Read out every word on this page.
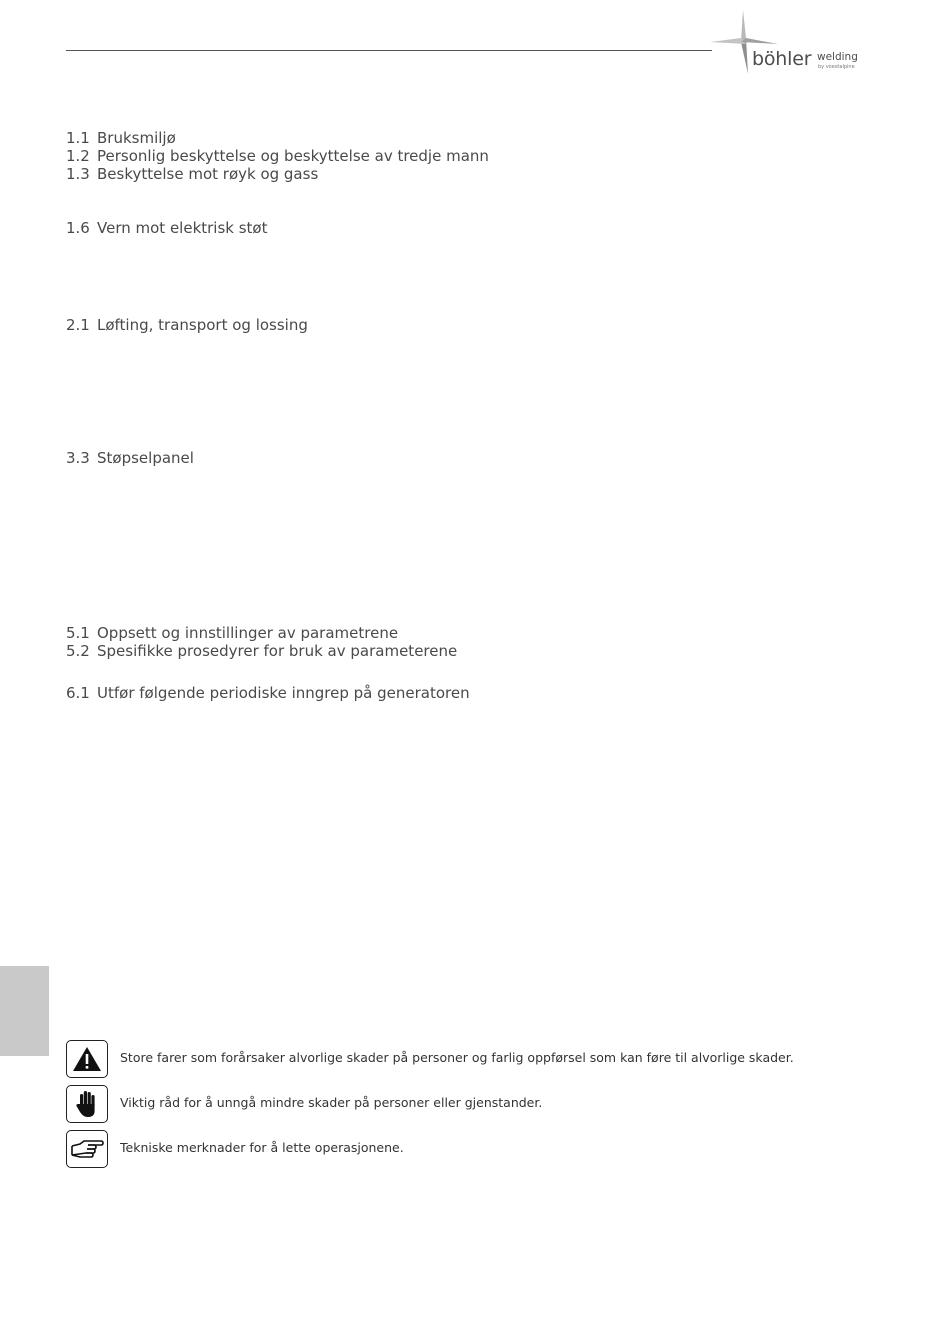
böhler welding
by voestalpine
1.1 Bruksmiljø
1.2 Personlig beskyttelse og beskyttelse av tredje mann
1.3 Beskyttelse mot røyk og gass
1.6 Vern mot elektrisk støt
2.1 Løfting, transport og lossing
3.3 Støpselpanel
5.1 Oppsett og innstillinger av parametrene
5.2 Spesifikke prosedyrer for bruk av parameterene
6.1 Utfør følgende periodiske inngrep på generatoren
Store farer som forårsaker alvorlige skader på personer og farlig oppførsel som kan føre til alvorlige skader.
Viktig råd for å unngå mindre skader på personer eller gjenstander.
Tekniske merknader for å lette operasjonene.
